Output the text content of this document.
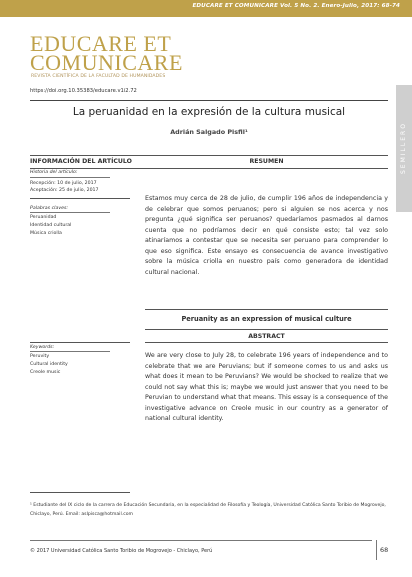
EDUCARE ET COMUNICARE Vol. 5 No. 2. Enero-Julio, 2017: 68-74
EDUCARE ET
COMUNICARE
REVISTA CIENTÍFICA DE LA FACULTAD DE HUMANIDADES
https://doi.org.10.35383/educare.v1i2.72
SEMILLERO
La peruanidad en la expresión de la cultura musical
Adrián Salgado Pisfil¹
INFORMACIÓN DEL ARTÍCULO	RESUMEN
Historia del artículo:
Recepción: 10 de julio, 2017
Aceptación: 25 de julio, 2017
Palabras claves:
Peruanidad
Identidad cultural
Música criolla
Estamos muy cerca de 28 de julio, de cumplir 196 años de independencia y de celebrar que somos peruanos; pero si alguien se nos acerca y nos pregunta ¿qué significa ser peruanos? quedaríamos pasmados al darnos cuenta que no podríamos decir en qué consiste esto; tal vez solo atinaríamos a contestar que se necesita ser peruano para comprender lo que eso significa. Este ensayo es consecuencia de avance investigativo sobre la música criolla en nuestro país como generadora de identidad cultural nacional.
Peruanity as an expression of musical culture
ABSTRACT
Keywords:
Peruvity
Cultural identity
Creole music
We are very close to July 28, to celebrate 196 years of independence and to celebrate that we are Peruvians; but if someone comes to us and asks us what does it mean to be Peruvians? We would be shocked to realize that we could not say what this is; maybe we would just answer that you need to be Peruvian to understand what that means. This essay is a consequence of the investigative advance on Creole music in our country as a generator of national cultural identity.
¹ Estudiante del IX ciclo de la carrera de Educación Secundaria, en la especialidad de Filosofía y Teología, Universidad Católica Santo Toribio de Mogrovejo, Chiclayo, Perú. Email: aslpisca@hotmail.com
© 2017 Universidad Católica Santo Toribio de Mogrovejo - Chiclayo, Perú	68
